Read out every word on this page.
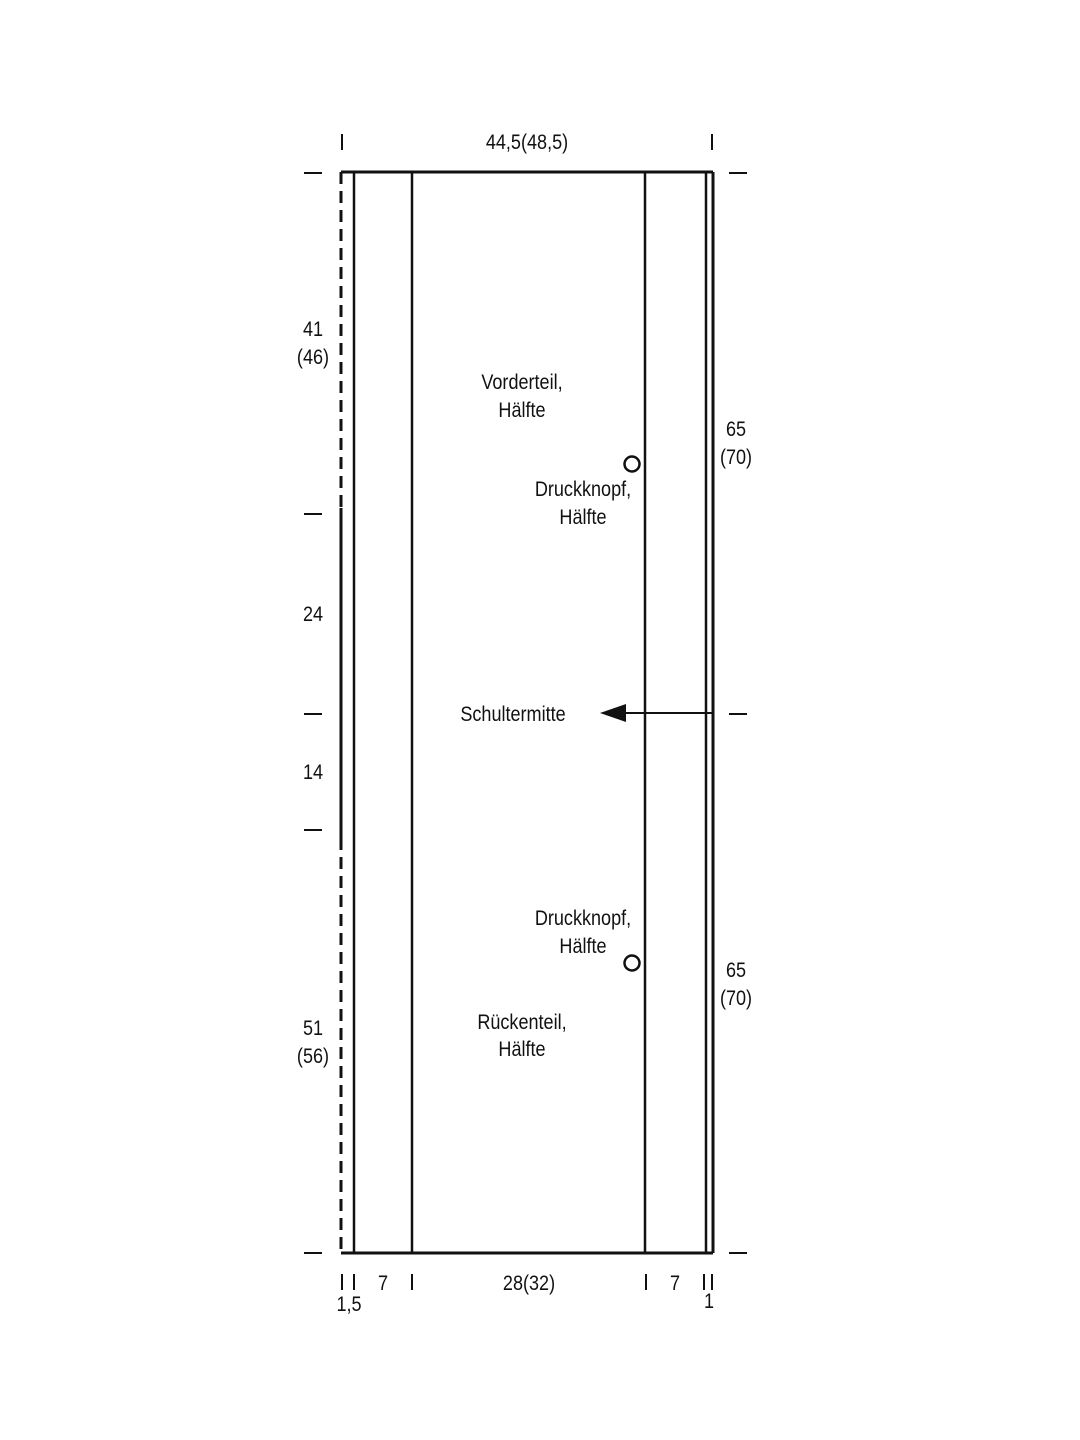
44,5(48,5)
41
(46)
24
14
51
(56)
65
(70)
65
(70)
7	28(32)	7
1,5	1
Vorderteil,
Hälfte
Druckknopf,
Hälfte
Schultermitte
Druckknopf,
Hälfte
Rückenteil,
Hälfte
